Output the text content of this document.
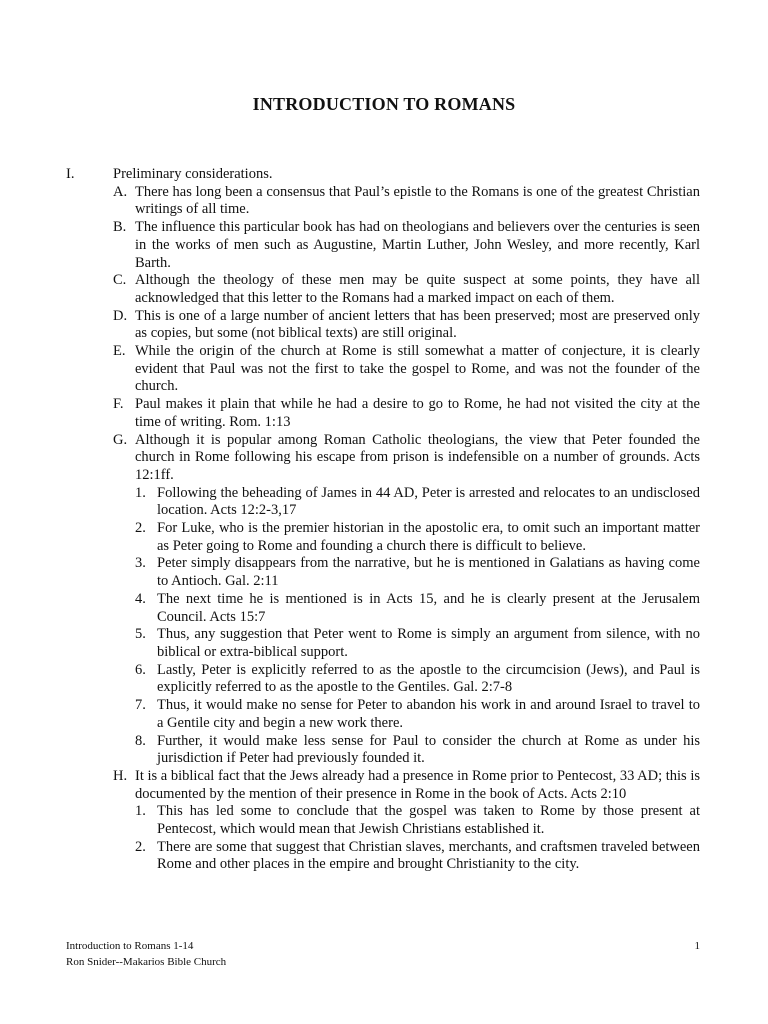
INTRODUCTION TO ROMANS
I.	Preliminary considerations.
A. There has long been a consensus that Paul’s epistle to the Romans is one of the greatest Christian writings of all time.
B. The influence this particular book has had on theologians and believers over the centuries is seen in the works of men such as Augustine, Martin Luther, John Wesley, and more recently, Karl Barth.
C. Although the theology of these men may be quite suspect at some points, they have all acknowledged that this letter to the Romans had a marked impact on each of them.
D. This is one of a large number of ancient letters that has been preserved; most are preserved only as copies, but some (not biblical texts) are still original.
E. While the origin of the church at Rome is still somewhat a matter of conjecture, it is clearly evident that Paul was not the first to take the gospel to Rome, and was not the founder of the church.
F. Paul makes it plain that while he had a desire to go to Rome, he had not visited the city at the time of writing. Rom. 1:13
G. Although it is popular among Roman Catholic theologians, the view that Peter founded the church in Rome following his escape from prison is indefensible on a number of grounds. Acts 12:1ff.
1. Following the beheading of James in 44 AD, Peter is arrested and relocates to an undisclosed location. Acts 12:2-3,17
2. For Luke, who is the premier historian in the apostolic era, to omit such an important matter as Peter going to Rome and founding a church there is difficult to believe.
3. Peter simply disappears from the narrative, but he is mentioned in Galatians as having come to Antioch. Gal. 2:11
4. The next time he is mentioned is in Acts 15, and he is clearly present at the Jerusalem Council. Acts 15:7
5. Thus, any suggestion that Peter went to Rome is simply an argument from silence, with no biblical or extra-biblical support.
6. Lastly, Peter is explicitly referred to as the apostle to the circumcision (Jews), and Paul is explicitly referred to as the apostle to the Gentiles. Gal. 2:7-8
7. Thus, it would make no sense for Peter to abandon his work in and around Israel to travel to a Gentile city and begin a new work there.
8. Further, it would make less sense for Paul to consider the church at Rome as under his jurisdiction if Peter had previously founded it.
H. It is a biblical fact that the Jews already had a presence in Rome prior to Pentecost, 33 AD; this is documented by the mention of their presence in Rome in the book of Acts. Acts 2:10
1. This has led some to conclude that the gospel was taken to Rome by those present at Pentecost, which would mean that Jewish Christians established it.
2. There are some that suggest that Christian slaves, merchants, and craftsmen traveled between Rome and other places in the empire and brought Christianity to the city.
Introduction to Romans 1-14	1
Ron Snider--Makarios Bible Church
